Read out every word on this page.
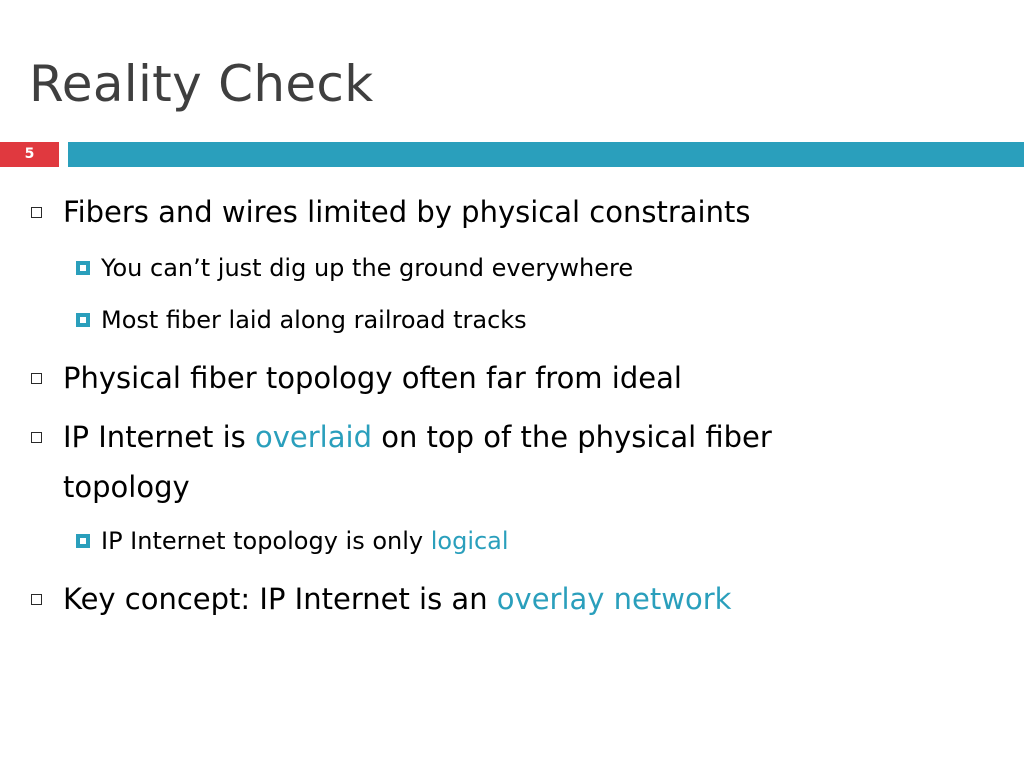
Reality Check
5
Fibers and wires limited by physical constraints
You can’t just dig up the ground everywhere
Most fiber laid along railroad tracks
Physical fiber topology often far from ideal
IP Internet is overlaid on top of the physical fiber
topology
IP Internet topology is only logical
Key concept: IP Internet is an overlay network
